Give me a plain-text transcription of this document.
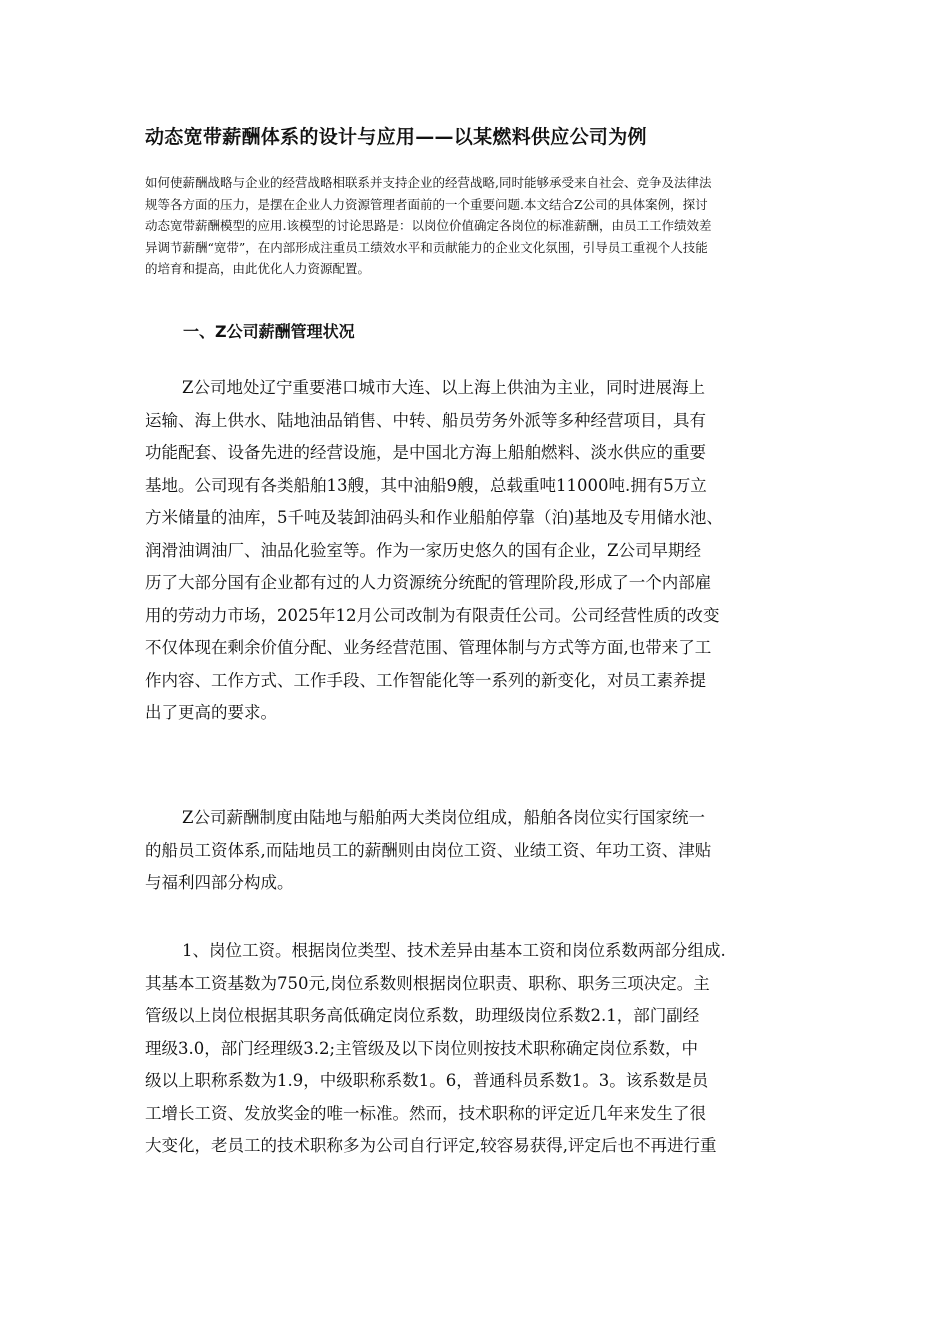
动态宽带薪酬体系的设计与应用——以某燃料供应公司为例
如何使薪酬战略与企业的经营战略相联系并支持企业的经营战略,同时能够承受来自社会、竞争及法律法
规等各方面的压力，是摆在企业人力资源管理者面前的一个重要问题.本文结合Z公司的具体案例，探讨
动态宽带薪酬模型的应用.该模型的讨论思路是：以岗位价值确定各岗位的标准薪酬，由员工工作绩效差
异调节薪酬“宽带”，在内部形成注重员工绩效水平和贡献能力的企业文化氛围，引导员工重视个人技能
的培育和提高，由此优化人力资源配置。
一、Z公司薪酬管理状况
Z公司地处辽宁重要港口城市大连、以上海上供油为主业，同时进展海上
运输、海上供水、陆地油品销售、中转、船员劳务外派等多种经营项目，具有
功能配套、设备先进的经营设施，是中国北方海上船舶燃料、淡水供应的重要
基地。公司现有各类船舶13艘，其中油船9艘，总载重吨11000吨.拥有5万立
方米储量的油库，5千吨及装卸油码头和作业船舶停靠（泊)基地及专用储水池、
润滑油调油厂、油品化验室等。作为一家历史悠久的国有企业，Z公司早期经
历了大部分国有企业都有过的人力资源统分统配的管理阶段,形成了一个内部雇
用的劳动力市场，2025年12月公司改制为有限责任公司。公司经营性质的改变
不仅体现在剩余价值分配、业务经营范围、管理体制与方式等方面,也带来了工
作内容、工作方式、工作手段、工作智能化等一系列的新变化，对员工素养提
出了更高的要求。
Z公司薪酬制度由陆地与船舶两大类岗位组成，船舶各岗位实行国家统一
的船员工资体系,而陆地员工的薪酬则由岗位工资、业绩工资、年功工资、津贴
与福利四部分构成。
1、岗位工资。根据岗位类型、技术差异由基本工资和岗位系数两部分组成.
其基本工资基数为750元,岗位系数则根据岗位职责、职称、职务三项决定。主
管级以上岗位根据其职务高低确定岗位系数，助理级岗位系数2.1，部门副经
理级3.0，部门经理级3.2;主管级及以下岗位则按技术职称确定岗位系数，中
级以上职称系数为1.9，中级职称系数1。6，普通科员系数1。3。该系数是员
工增长工资、发放奖金的唯一标准。然而，技术职称的评定近几年来发生了很
大变化，老员工的技术职称多为公司自行评定,较容易获得,评定后也不再进行重
